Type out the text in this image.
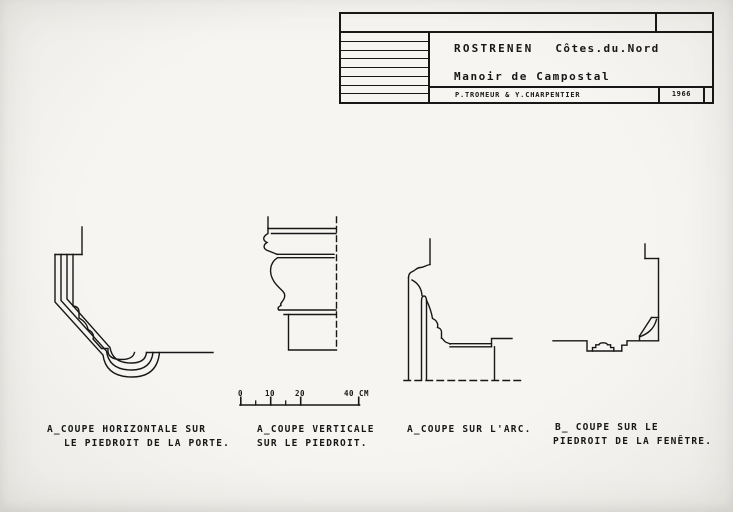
ROSTRENEN Côtes.du.Nord
Manoir de Campostal
P.TROMEUR & Y.CHARPENTIER	1966
0	10	20	40 CM
A_COUPE HORIZONTALE SUR
LE PIEDROIT DE LA PORTE.
A_COUPE VERTICALE
SUR LE PIEDROIT.
A_COUPE SUR L'ARC. B_ COUPE SUR LE
PIEDROIT DE LA FENÊTRE.
